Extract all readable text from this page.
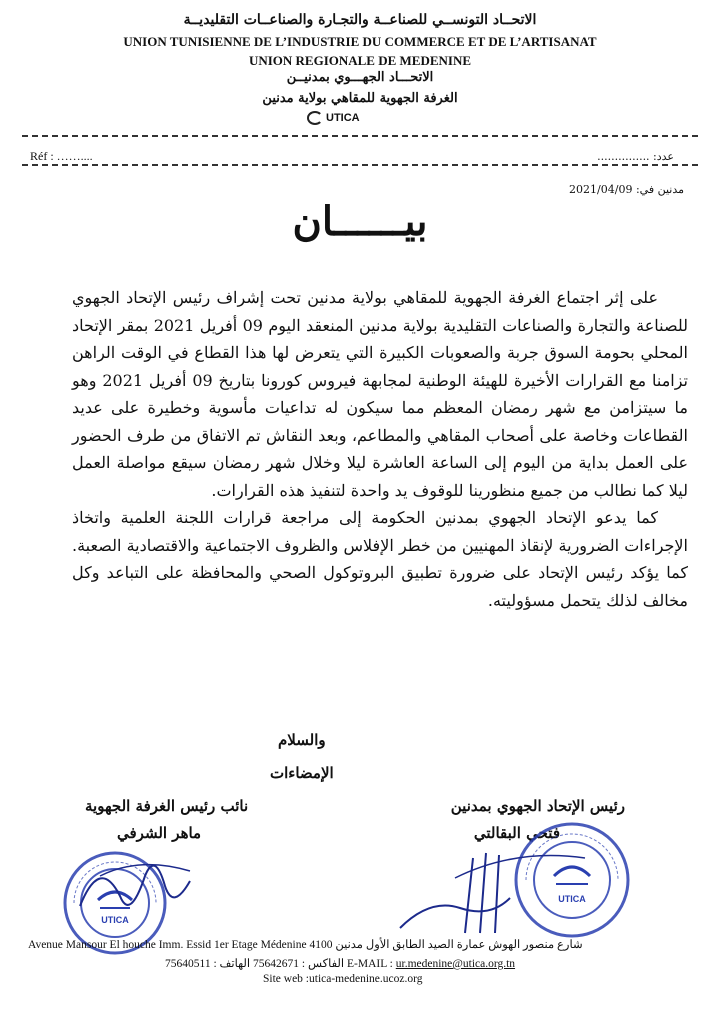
الاتحــاد التونســي للصناعــة والتجـارة والصناعــات التقليديــة
UNION TUNISIENNE DE L’INDUSTRIE DU COMMERCE ET DE L’ARTISANAT
UNION REGIONALE DE MEDENINE
الاتحـــاد الجهـــوي بمدنيــن
الغرفة الجهوية للمقاهي بولاية مدنين
UTICA
Réf : ……....	عدد: ...............
مدنين في: 2021/04/09
بيــــــان

على إثر اجتماع الغرفة الجهوية للمقاهي بولاية مدنين تحت إشراف رئيس الإتحاد الجهوي للصناعة والتجارة والصناعات التقليدية بولاية مدنين المنعقد اليوم 09 أفريل 2021 بمقر الإتحاد المحلي بحومة السوق جربة والصعوبات الكبيرة التي يتعرض لها هذا القطاع في الوقت الراهن تزامنا مع القرارات الأخيرة للهيئة الوطنية لمجابهة فيروس كورونا بتاريخ 09 أفريل 2021 وهو ما سيتزامن مع شهر رمضان المعظم مما سيكون له تداعيات مأسوية وخطيرة على عديد القطاعات وخاصة على أصحاب المقاهي والمطاعم، وبعد النقاش تم الاتفاق من طرف الحضور على العمل بداية من اليوم إلى الساعة العاشرة ليلا وخلال شهر رمضان سيقع مواصلة العمل ليلا كما نطالب من جميع منظورينا للوقوف يد واحدة لتنفيذ هذه القرارات.

كما يدعو الإتحاد الجهوي بمدنين الحكومة إلى مراجعة قرارات اللجنة العلمية واتخاذ الإجراءات الضرورية لإنقاذ المهنيين من خطر الإفلاس والظروف الاجتماعية والاقتصادية الصعبة. كما يؤكد رئيس الإتحاد على ضرورة تطبيق البروتوكول الصحي والمحافظة على التباعد وكل مخالف لذلك يتحمل مسؤوليته.

والسلام
الإمضاءات
رئيس الإتحاد الجهوي بمدنين
فتحي البقالتي
نائب رئيس الغرفة الجهوية
ماهر الشرفي
UTICA
UTICA
Avenue Mansour El houche Imm. Essid 1er Etage Médenine 4100 شارع منصور الهوش عمارة الصيد الطابق الأول مدنين
الفاكس : 75642671 الهاتف : 75640511	E-MAIL : ur.medenine@utica.org.tn
Site web :utica-medenine.ucoz.org
